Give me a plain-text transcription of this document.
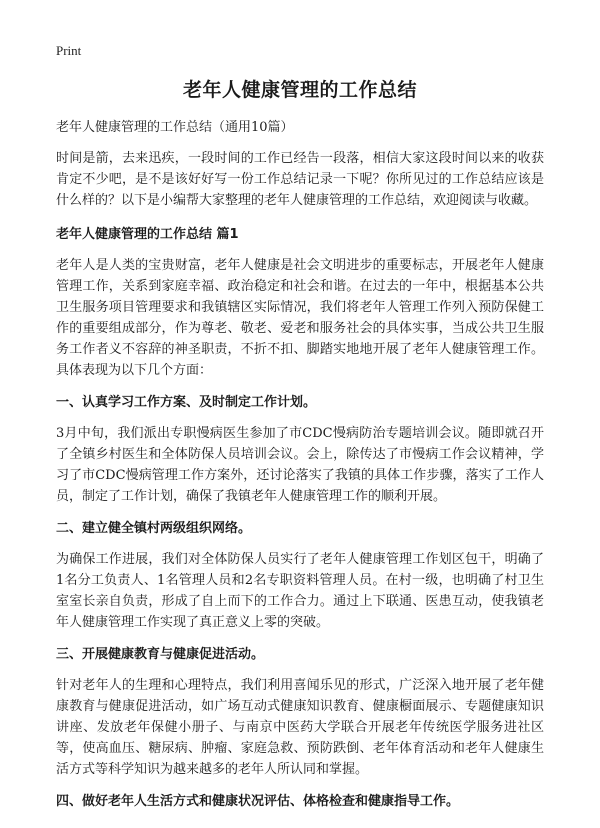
Print
老年人健康管理的工作总结

老年人健康管理的工作总结（通用10篇）

时间是箭，去来迅疾，一段时间的工作已经告一段落，相信大家这段时间以来的收获肯定不少吧，是不是该好好写一份工作总结记录一下呢？你所见过的工作总结应该是什么样的？以下是小编帮大家整理的老年人健康管理的工作总结，欢迎阅读与收藏。

老年人健康管理的工作总结 篇1

老年人是人类的宝贵财富，老年人健康是社会文明进步的重要标志，开展老年人健康管理工作，关系到家庭幸福、政治稳定和社会和谐。在过去的一年中，根据基本公共卫生服务项目管理要求和我镇辖区实际情况，我们将老年人管理工作列入预防保健工作的重要组成部分，作为尊老、敬老、爱老和服务社会的具体实事，当成公共卫生服务工作者义不容辞的神圣职责，不折不扣、脚踏实地地开展了老年人健康管理工作。具体表现为以下几个方面：

一、认真学习工作方案、及时制定工作计划。

3月中旬，我们派出专职慢病医生参加了市CDC慢病防治专题培训会议。随即就召开了全镇乡村医生和全体防保人员培训会议。会上，除传达了市慢病工作会议精神，学习了市CDC慢病管理工作方案外，还讨论落实了我镇的具体工作步骤，落实了工作人员，制定了工作计划，确保了我镇老年人健康管理工作的顺利开展。

二、建立健全镇村两级组织网络。

为确保工作进展，我们对全体防保人员实行了老年人健康管理工作划区包干，明确了1名分工负责人、1名管理人员和2名专职资料管理人员。在村一级，也明确了村卫生室室长亲自负责，形成了自上而下的工作合力。通过上下联通、医患互动，使我镇老年人健康管理工作实现了真正意义上零的突破。

三、开展健康教育与健康促进活动。

针对老年人的生理和心理特点，我们利用喜闻乐见的形式，广泛深入地开展了老年健康教育与健康促进活动，如广场互动式健康知识教育、健康橱面展示、专题健康知识讲座、发放老年保健小册子、与南京中医药大学联合开展老年传统医学服务进社区等，使高血压、糖尿病、肿瘤、家庭急救、预防跌倒、老年体育活动和老年人健康生活方式等科学知识为越来越多的老年人所认同和掌握。

四、做好老年人生活方式和健康状况评估、体格检查和健康指导工作。
